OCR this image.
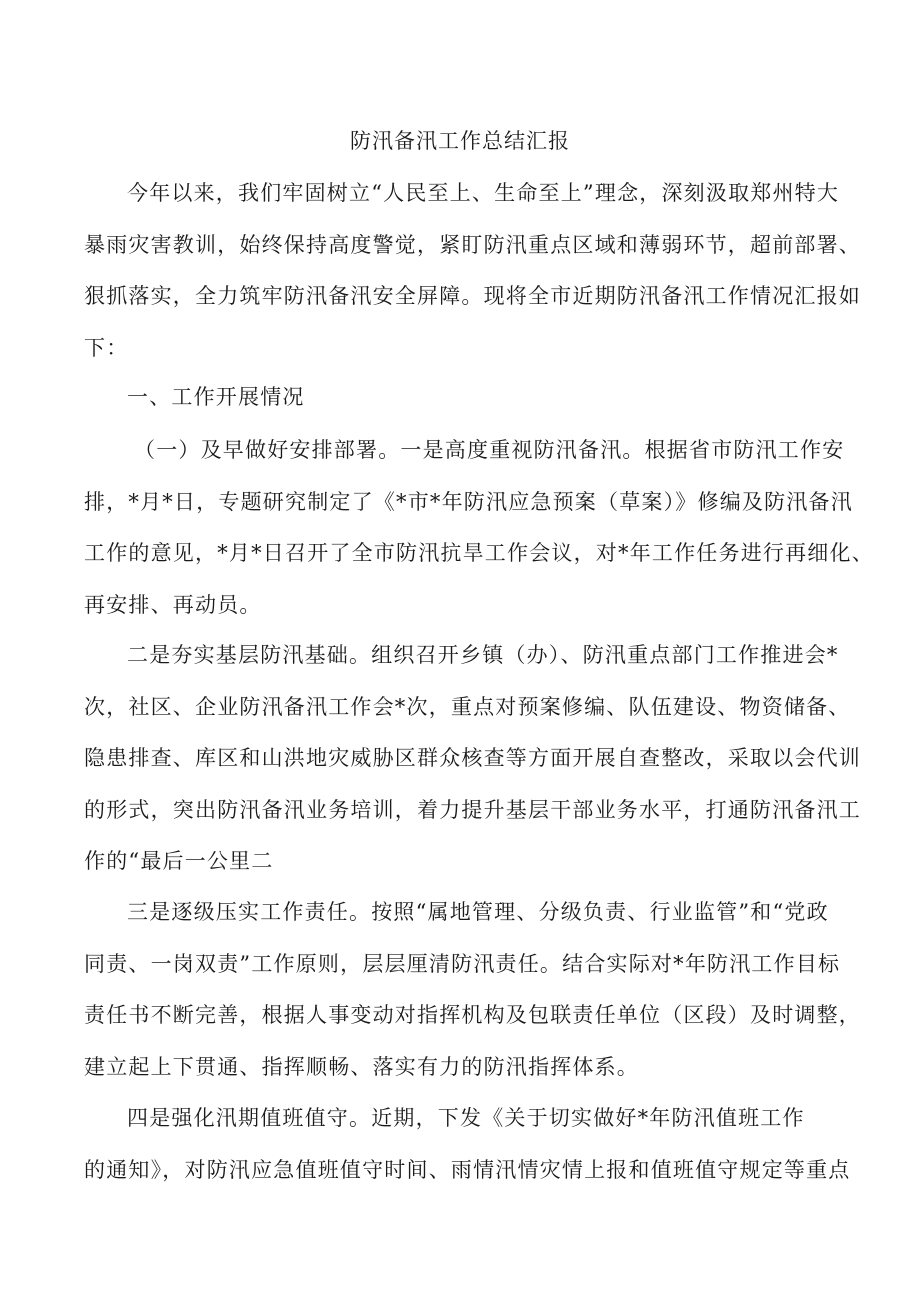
防汛备汛工作总结汇报
今年以来，我们牢固树立“人民至上、生命至上”理念，深刻汲取郑州特大
暴雨灾害教训，始终保持高度警觉，紧盯防汛重点区域和薄弱环节，超前部署、
狠抓落实，全力筑牢防汛备汛安全屏障。现将全市近期防汛备汛工作情况汇报如
下：
一、工作开展情况
（一）及早做好安排部署。一是高度重视防汛备汛。根据省市防汛工作安
排，*月*日，专题研究制定了《*市*年防汛应急预案（草案）》修编及防汛备汛
工作的意见，*月*日召开了全市防汛抗旱工作会议，对*年工作任务进行再细化、
再安排、再动员。
二是夯实基层防汛基础。组织召开乡镇（办）、防汛重点部门工作推进会*
次，社区、企业防汛备汛工作会*次，重点对预案修编、队伍建设、物资储备、
隐患排查、库区和山洪地灾威胁区群众核查等方面开展自查整改，采取以会代训
的形式，突出防汛备汛业务培训，着力提升基层干部业务水平，打通防汛备汛工
作的“最后一公里二
三是逐级压实工作责任。按照“属地管理、分级负责、行业监管”和“党政
同责、一岗双责”工作原则，层层厘清防汛责任。结合实际对*年防汛工作目标
责任书不断完善，根据人事变动对指挥机构及包联责任单位（区段）及时调整，
建立起上下贯通、指挥顺畅、落实有力的防汛指挥体系。
四是强化汛期值班值守。近期，下发《关于切实做好*年防汛值班工作
的通知》，对防汛应急值班值守时间、雨情汛情灾情上报和值班值守规定等重点
